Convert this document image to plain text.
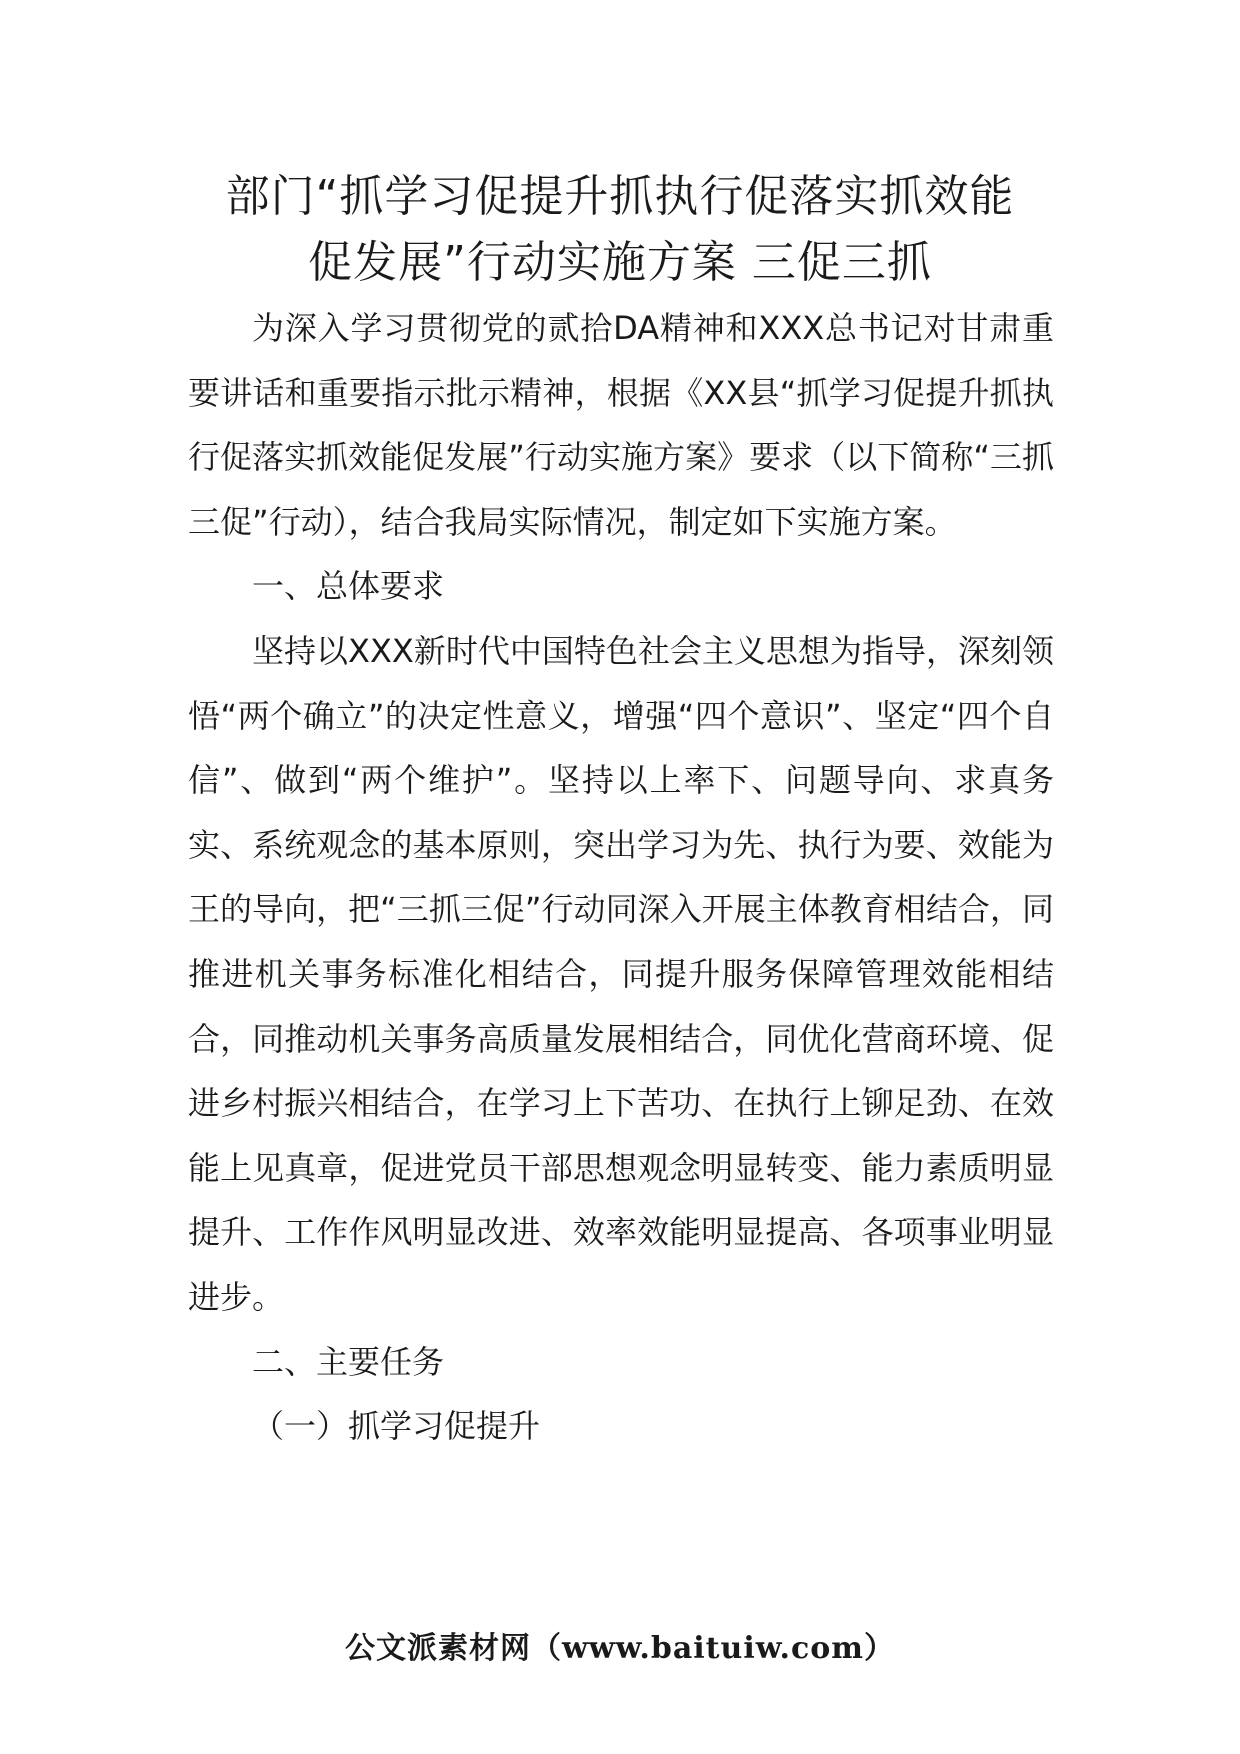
部门“抓学习促提升抓执行促落实抓效能
促发展”行动实施方案 三促三抓

为深入学习贯彻党的贰拾DA精神和XXX总书记对甘肃重要讲话和重要指示批示精神，根据《XX县“抓学习促提升抓执行促落实抓效能促发展”行动实施方案》要求（以下简称“三抓三促”行动），结合我局实际情况，制定如下实施方案。

一、总体要求

坚持以XXX新时代中国特色社会主义思想为指导，深刻领悟“两个确立”的决定性意义，增强“四个意识”、坚定“四个自信”、做到“两个维护”。坚持以上率下、问题导向、求真务实、系统观念的基本原则，突出学习为先、执行为要、效能为王的导向，把“三抓三促”行动同深入开展主体教育相结合，同推进机关事务标准化相结合，同提升服务保障管理效能相结合，同推动机关事务高质量发展相结合，同优化营商环境、促进乡村振兴相结合，在学习上下苦功、在执行上铆足劲、在效能上见真章，促进党员干部思想观念明显转变、能力素质明显提升、工作作风明显改进、效率效能明显提高、各项事业明显进步。

二、主要任务

（一）抓学习促提升

公文派素材网（www.baituiw.com）
